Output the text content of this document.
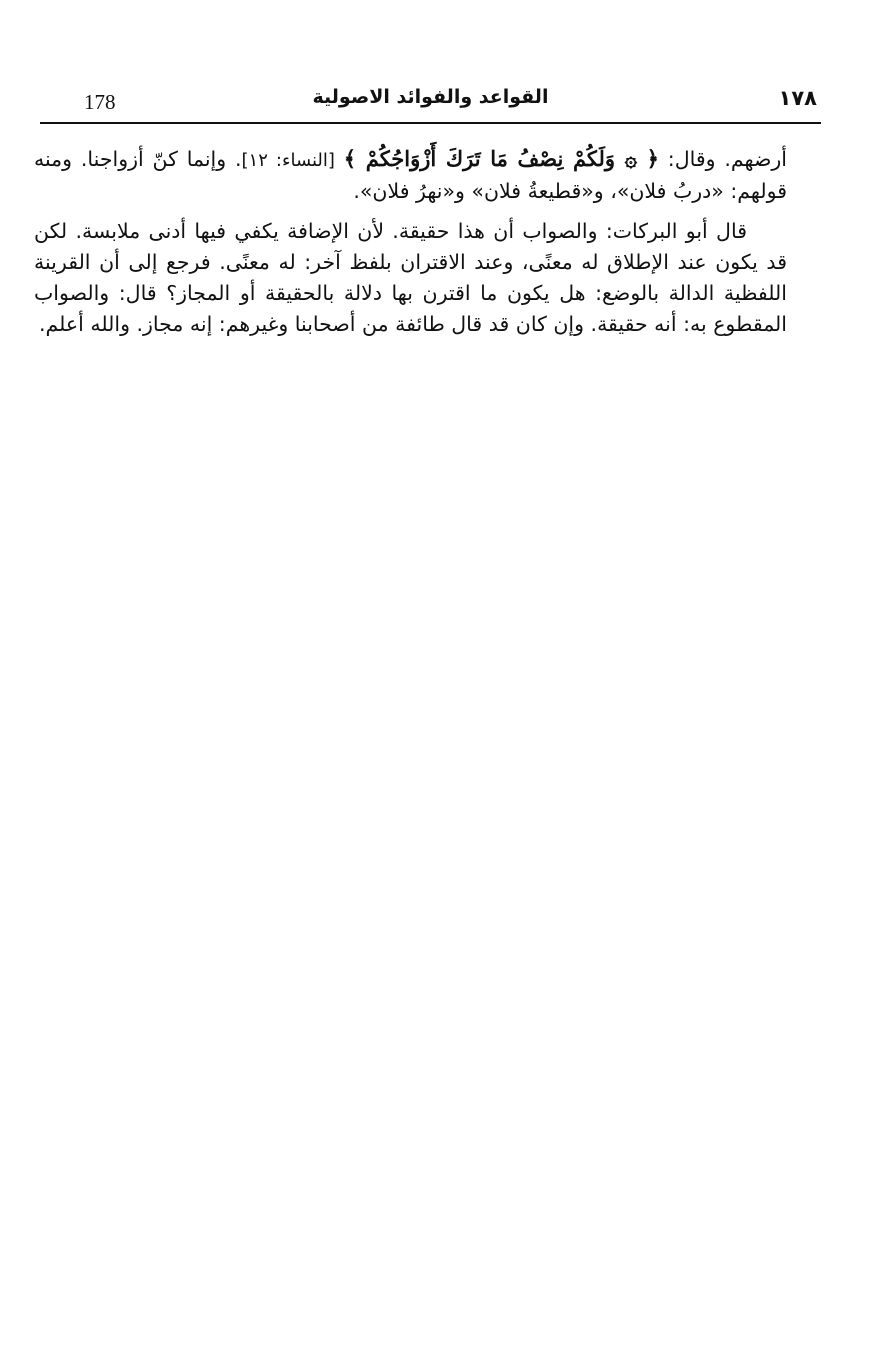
178	القواعد والفوائد الاصولية	١٧٨

أرضهم. وقال: ﴿ ۞ وَلَكُمْ نِصْفُ مَا تَرَكَ أَزْوَاجُكُمْ ﴾ [النساء: ١٢]. وإنما كنّ أزواجنا. ومنه قولهم: «دربُ فلان»، و«قطيعةُ فلان» و«نهرُ فلان».

قال أبو البركات: والصواب أن هذا حقيقة. لأن الإضافة يكفي فيها أدنى ملابسة. لكن قد يكون عند الإطلاق له معنًى، وعند الاقتران بلفظ آخر: له معنًى. فرجع إلى أن القرينة اللفظية الدالة بالوضع: هل يكون ما اقترن بها دلالة بالحقيقة أو المجاز؟ قال: والصواب المقطوع به: أنه حقيقة. وإن كان قد قال طائفة من أصحابنا وغيرهم: إنه مجاز. والله أعلم.
